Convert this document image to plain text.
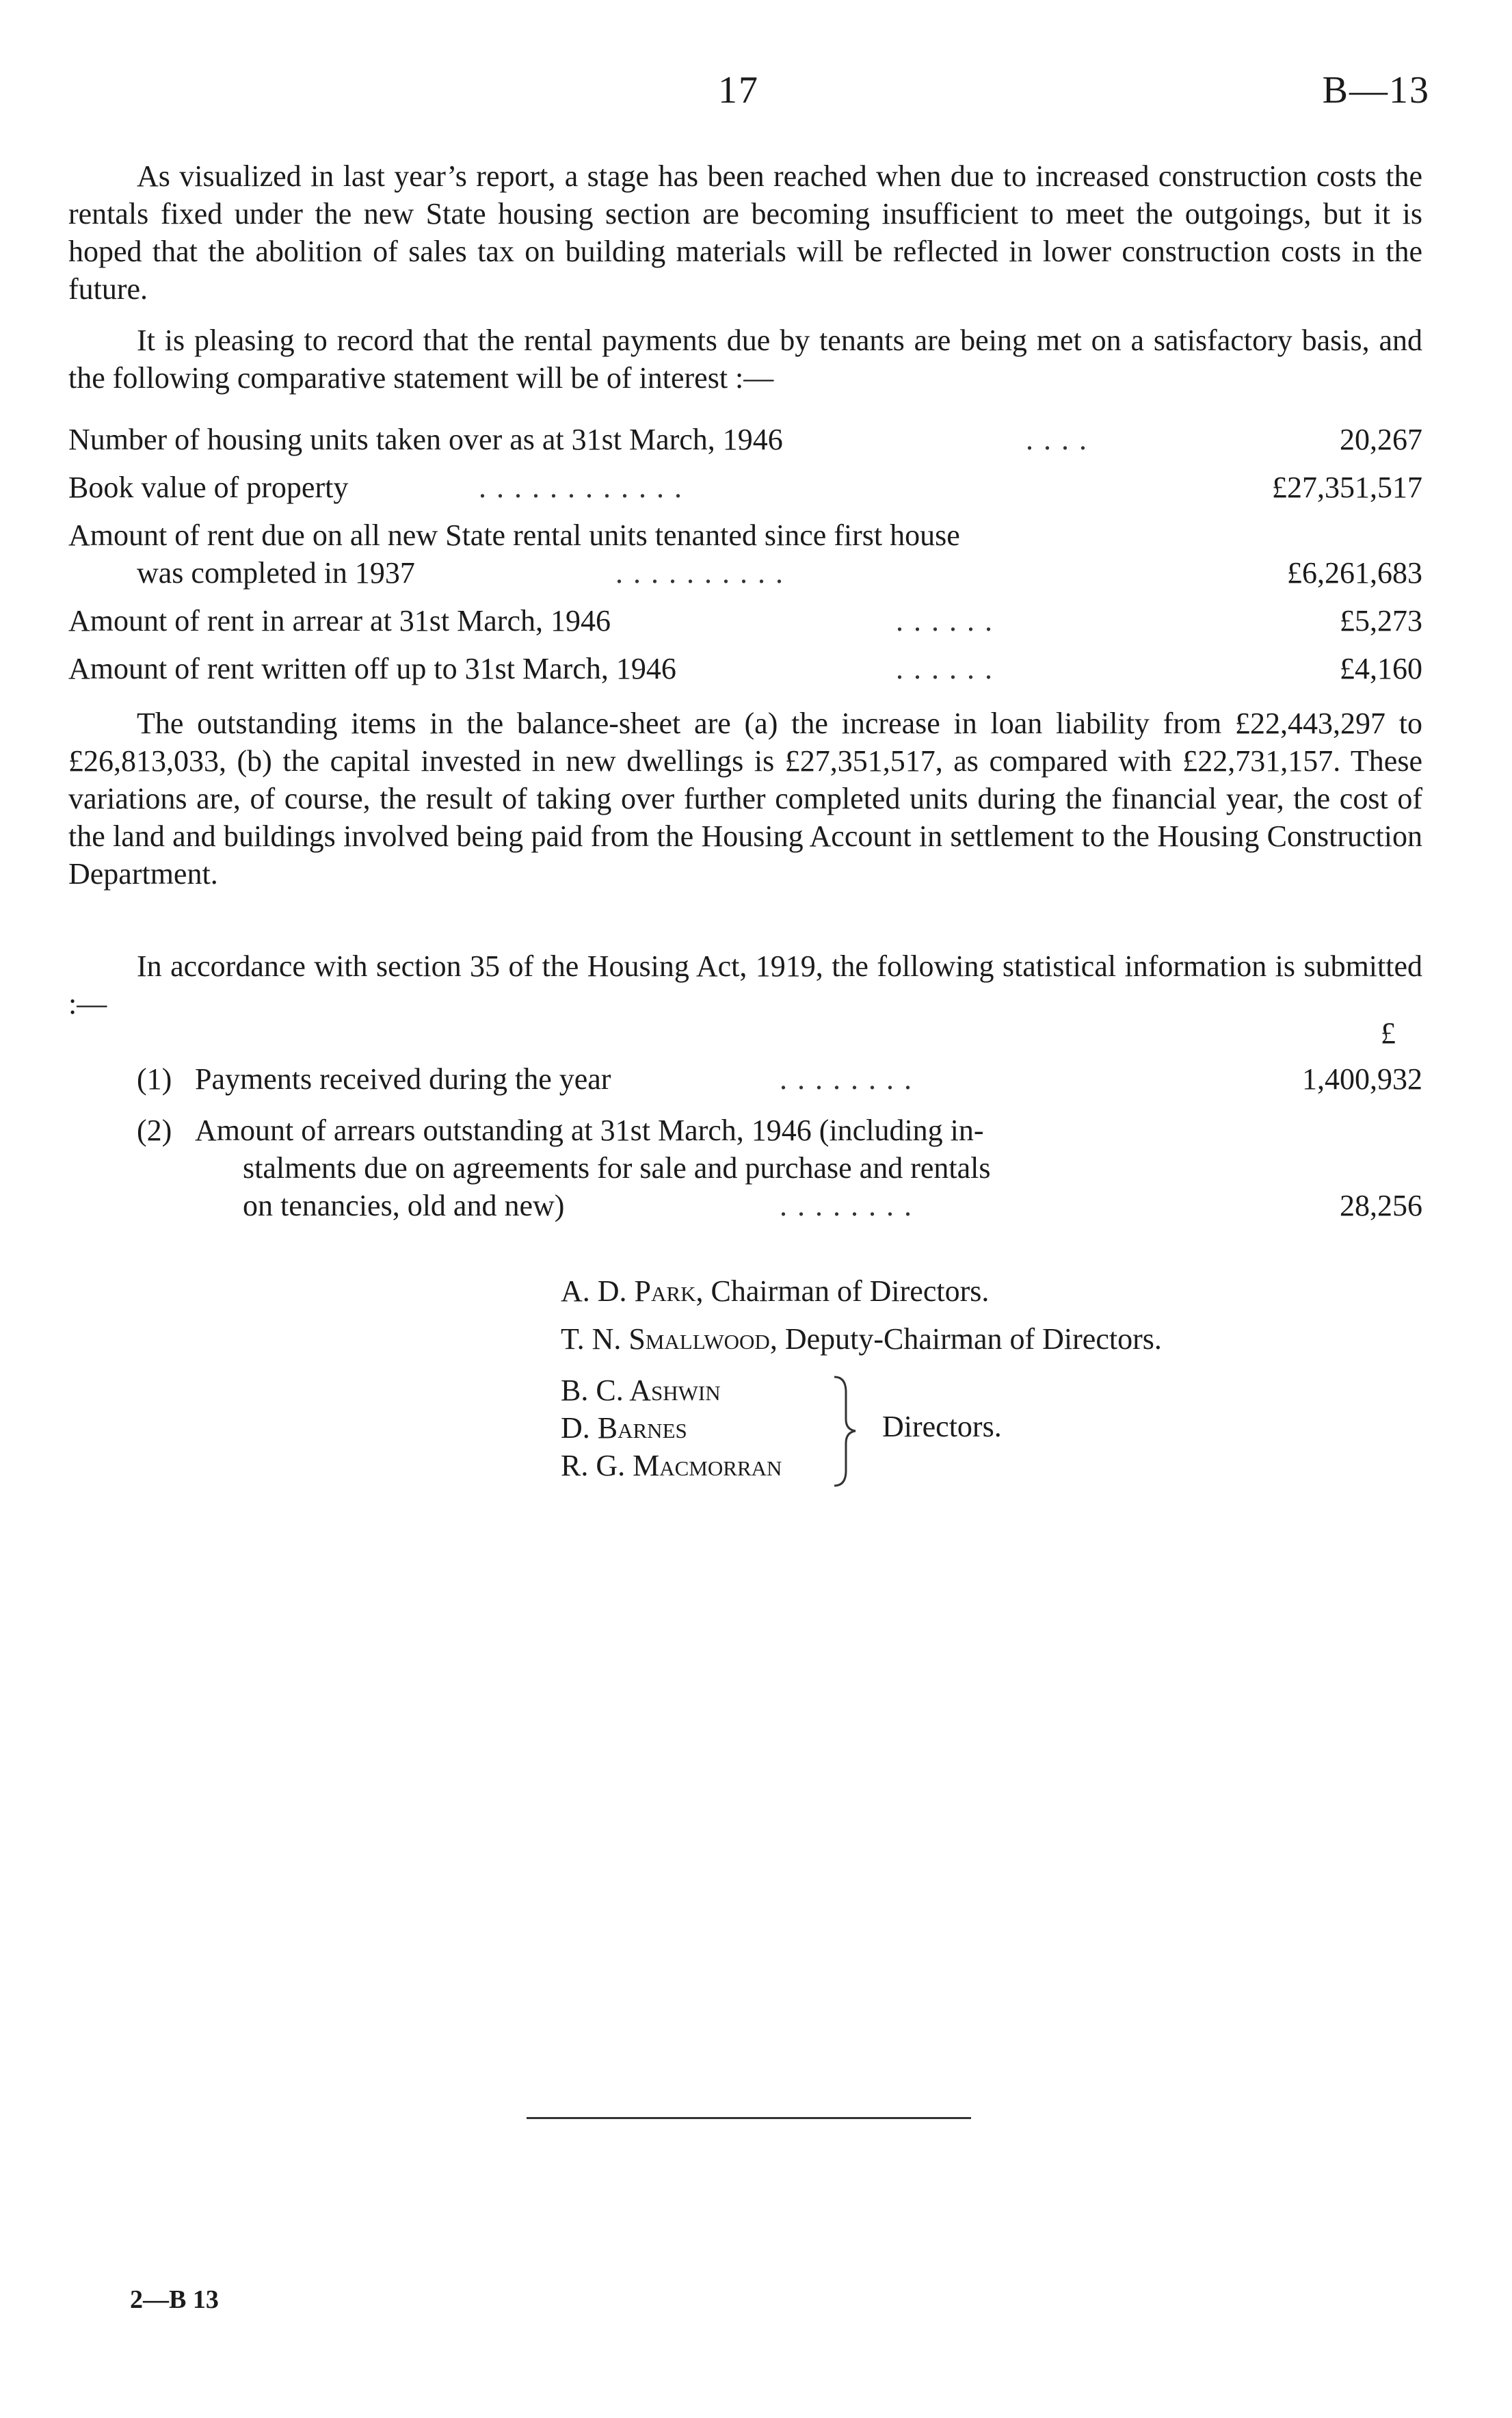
17	B—13

As visualized in last year’s report, a stage has been reached when due to increased construction costs the rentals fixed under the new State housing section are becoming insufficient to meet the outgoings, but it is hoped that the abolition of sales tax on building materials will be reflected in lower construction costs in the future.

It is pleasing to record that the rental payments due by tenants are being met on a satisfactory basis, and the following comparative statement will be of interest :—

Number of housing units taken over as at 31st March, 1946	. . . .	20,267
Book value of property	. . . . . . . . . . . .	£27,351,517
Amount of rent due on all new State rental units tenanted since first house
was completed in 1937	. . . . . . . . . .	£6,261,683
Amount of rent in arrear at 31st March, 1946	. . . . . .	£5,273
Amount of rent written off up to 31st March, 1946	. . . . . .	£4,160

The outstanding items in the balance-sheet are (a) the increase in loan liability from £22,443,297 to £26,813,033, (b) the capital invested in new dwellings is £27,351,517, as compared with £22,731,157. These variations are, of course, the result of taking over further completed units during the financial year, the cost of the land and buildings involved being paid from the Housing Account in settlement to the Housing Construction Department.

In accordance with section 35 of the Housing Act, 1919, the following statistical information is submitted :—

£
(1) Payments received during the year	. . . . . . . .	1,400,932
(2) Amount of arrears outstanding at 31st March, 1946 (including in-
stalments due on agreements for sale and purchase and rentals
on tenancies, old and new)	. . . . . . . .	28,256
A. D. Park, Chairman of Directors.
T. N. Smallwood, Deputy-Chairman of Directors.
B. C. Ashwin
D. Barnes
R. G. Macmorran
Directors.
2—B 13
